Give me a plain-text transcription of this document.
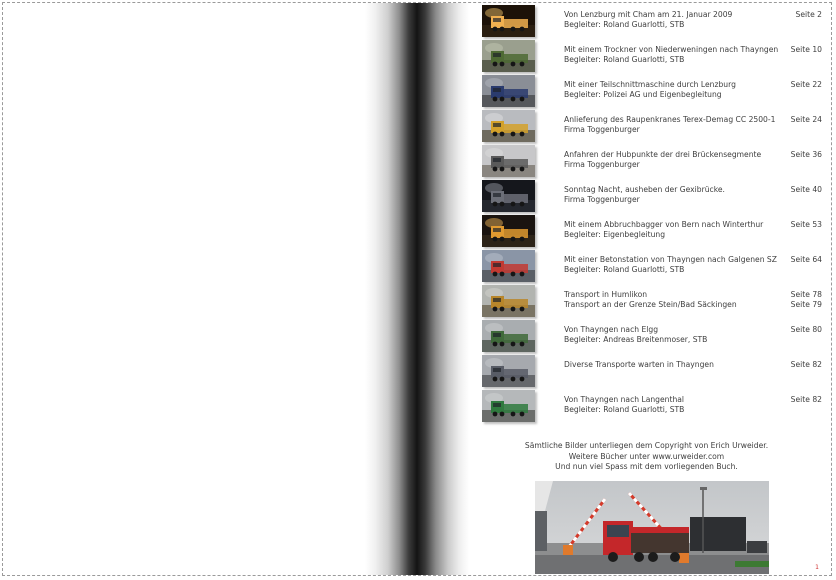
Von Lenzburg mit Cham am 21. Januar 2009
Begleiter: Roland Guarlotti, STB
Seite 2
Mit einem Trockner von Niederweningen nach Thayngen
Begleiter: Roland Guarlotti, STB
Seite 10
Mit einer Teilschnittmaschine durch Lenzburg
Begleiter: Polizei AG und Eigenbegleitung
Seite 22
Anlieferung des Raupenkranes Terex-Demag CC 2500-1
Firma Toggenburger
Seite 24
Anfahren der Hubpunkte der drei Brückensegmente
Firma Toggenburger
Seite 36
Sonntag Nacht, ausheben der Gexibrücke.
Firma Toggenburger
Seite 40
Mit einem Abbruchbagger von Bern nach Winterthur
Begleiter: Eigenbegleitung
Seite 53
Mit einer Betonstation von Thayngen nach Galgenen SZ
Begleiter: Roland Guarlotti, STB
Seite 64
Transport in Humlikon
Transport an der Grenze Stein/Bad Säckingen
Seite 78
Seite 79
Von Thayngen nach Elgg
Begleiter: Andreas Breitenmoser, STB
Seite 80
Diverse Transporte warten in Thayngen	Seite 82
Von Thayngen nach Langenthal
Begleiter: Roland Guarlotti, STB
Seite 82
Sämtliche Bilder unterliegen dem Copyright von Erich Urweider.
Weitere Bücher unter www.urweider.com
Und nun viel Spass mit dem vorliegenden Buch.
1
